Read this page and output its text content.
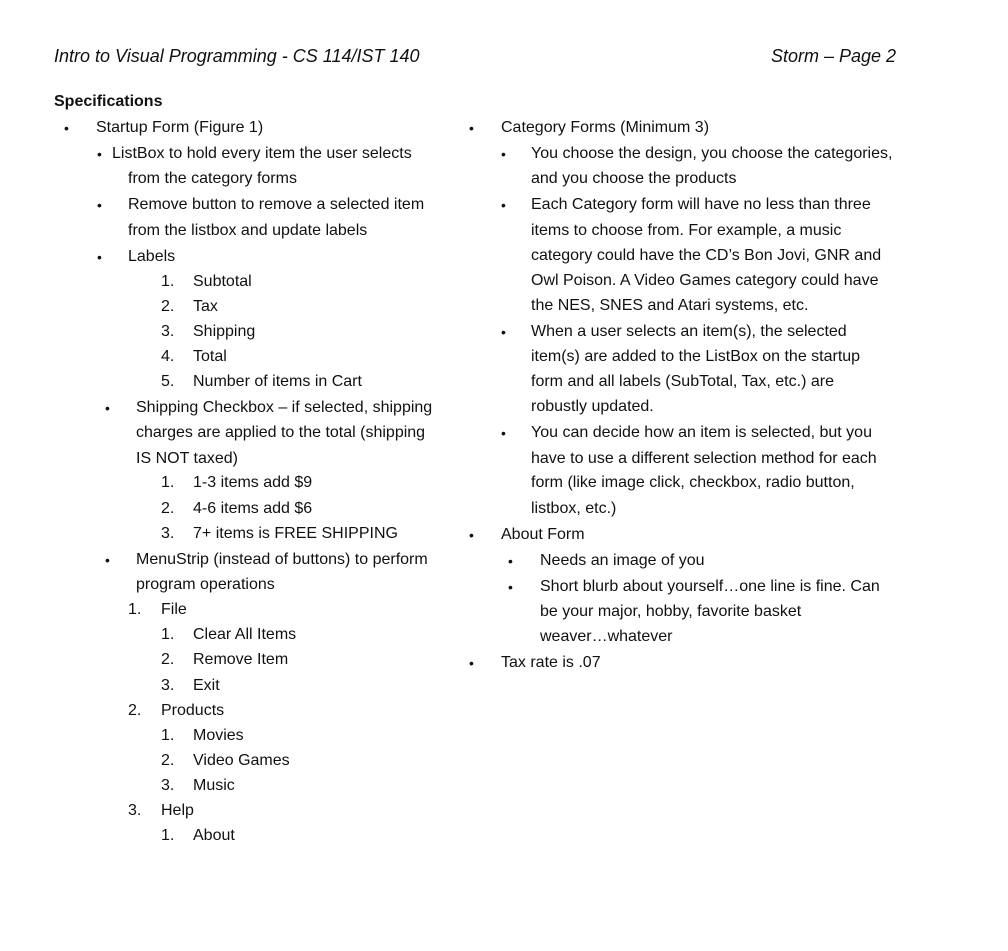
Intro to Visual Programming - CS 114/IST 140	Storm – Page 2
Specifications
• Startup Form (Figure 1)
• ListBox to hold every item the user selects
from the category forms
• Remove button to remove a selected item
from the listbox and update labels
• Labels
1. Subtotal
2. Tax
3. Shipping
4. Total
5. Number of items in Cart
• Shipping Checkbox – if selected, shipping
charges are applied to the total (shipping
IS NOT taxed)
1. 1-3 items add $9
2. 4-6 items add $6
3. 7+ items is FREE SHIPPING
• MenuStrip (instead of buttons) to perform
program operations
1. File
1. Clear All Items
2. Remove Item
3. Exit
2. Products
1. Movies
2. Video Games
3. Music
3. Help
1. About
• Category Forms (Minimum 3)
• You choose the design, you choose the categories,
and you choose the products
• Each Category form will have no less than three
items to choose from. For example, a music
category could have the CD’s Bon Jovi, GNR and
Owl Poison. A Video Games category could have
the NES, SNES and Atari systems, etc.
• When a user selects an item(s), the selected
item(s) are added to the ListBox on the startup
form and all labels (SubTotal, Tax, etc.) are
robustly updated.
• You can decide how an item is selected, but you
have to use a different selection method for each
form (like image click, checkbox, radio button,
listbox, etc.)
• About Form
• Needs an image of you
• Short blurb about yourself…one line is fine. Can
be your major, hobby, favorite basket
weaver…whatever
• Tax rate is .07
